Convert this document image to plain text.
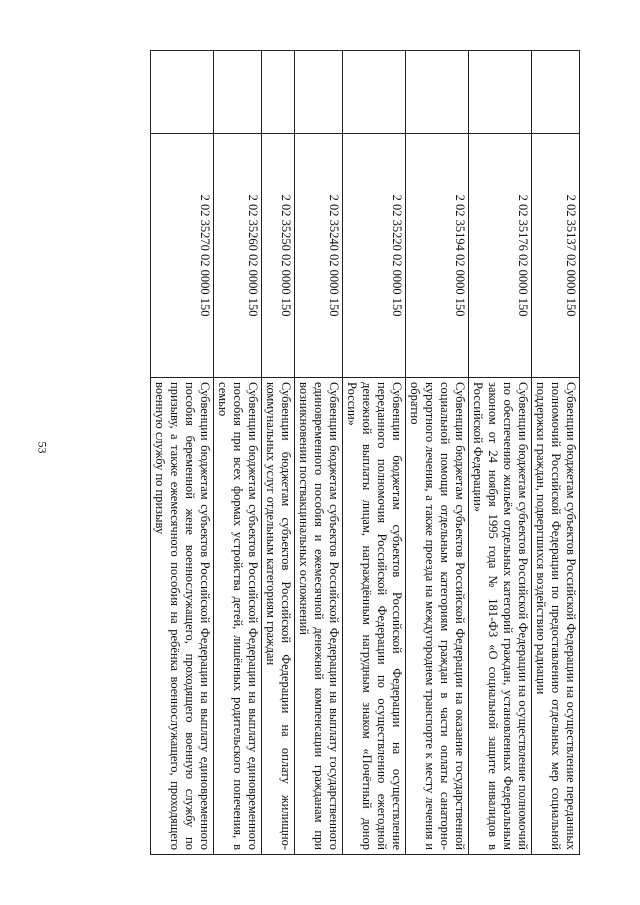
53
	2 02 35137 02 0000 150	Субвенции бюджетам субъектов Российской Федерации на осуществление переданных полномочий Российской Федерации по предоставлению отдельных мер социальной поддержки граждан, подвергшихся воздействию радиации
	2 02 35176 02 0000 150	Субвенции бюджетам субъектов Российской Федерации на осуществление полномочий по обеспечению жильём отдельных категорий граждан, установленных Федеральным законом от 24 ноября 1995 года № 181-ФЗ «О социальной защите инвалидов в Российской Федерации»
	2 02 35194 02 0000 150	Субвенции бюджетам субъектов Российской Федерации на оказание государственной социальной помощи отдельным категориям граждан в части оплаты санаторно-курортного лечения, а также проезда на междугороднем транспорте к месту лечения и обратно
	2 02 35220 02 0000 150	Субвенции бюджетам субъектов Российской Федерации на осуществление переданного полномочия Российской Федерации по осуществлению ежегодной денежной выплаты лицам, награждённым нагрудным знаком «Почётный донор России»
	2 02 35240 02 0000 150	Субвенции бюджетам субъектов Российской Федерации на выплату государственного единовременного пособия и ежемесячной денежной компенсации гражданам при возникновении поствакцинальных осложнений
	2 02 35250 02 0000 150	Субвенции бюджетам субъектов Российской Федерации на оплату жилищно-коммунальных услуг отдельным категориям граждан
	2 02 35260 02 0000 150	Субвенции бюджетам субъектов Российской Федерации на выплату единовременного пособия при всех формах устройства детей, лишённых родительского попечения, в семью
	2 02 35270 02 0000 150	Субвенции бюджетам субъектов Российской Федерации на выплату единовременного пособия беременной жене военнослужащего, проходящего военную службу по призыву, а также ежемесячного пособия на ребёнка военнослужащего, проходящего военную службу по призыву
